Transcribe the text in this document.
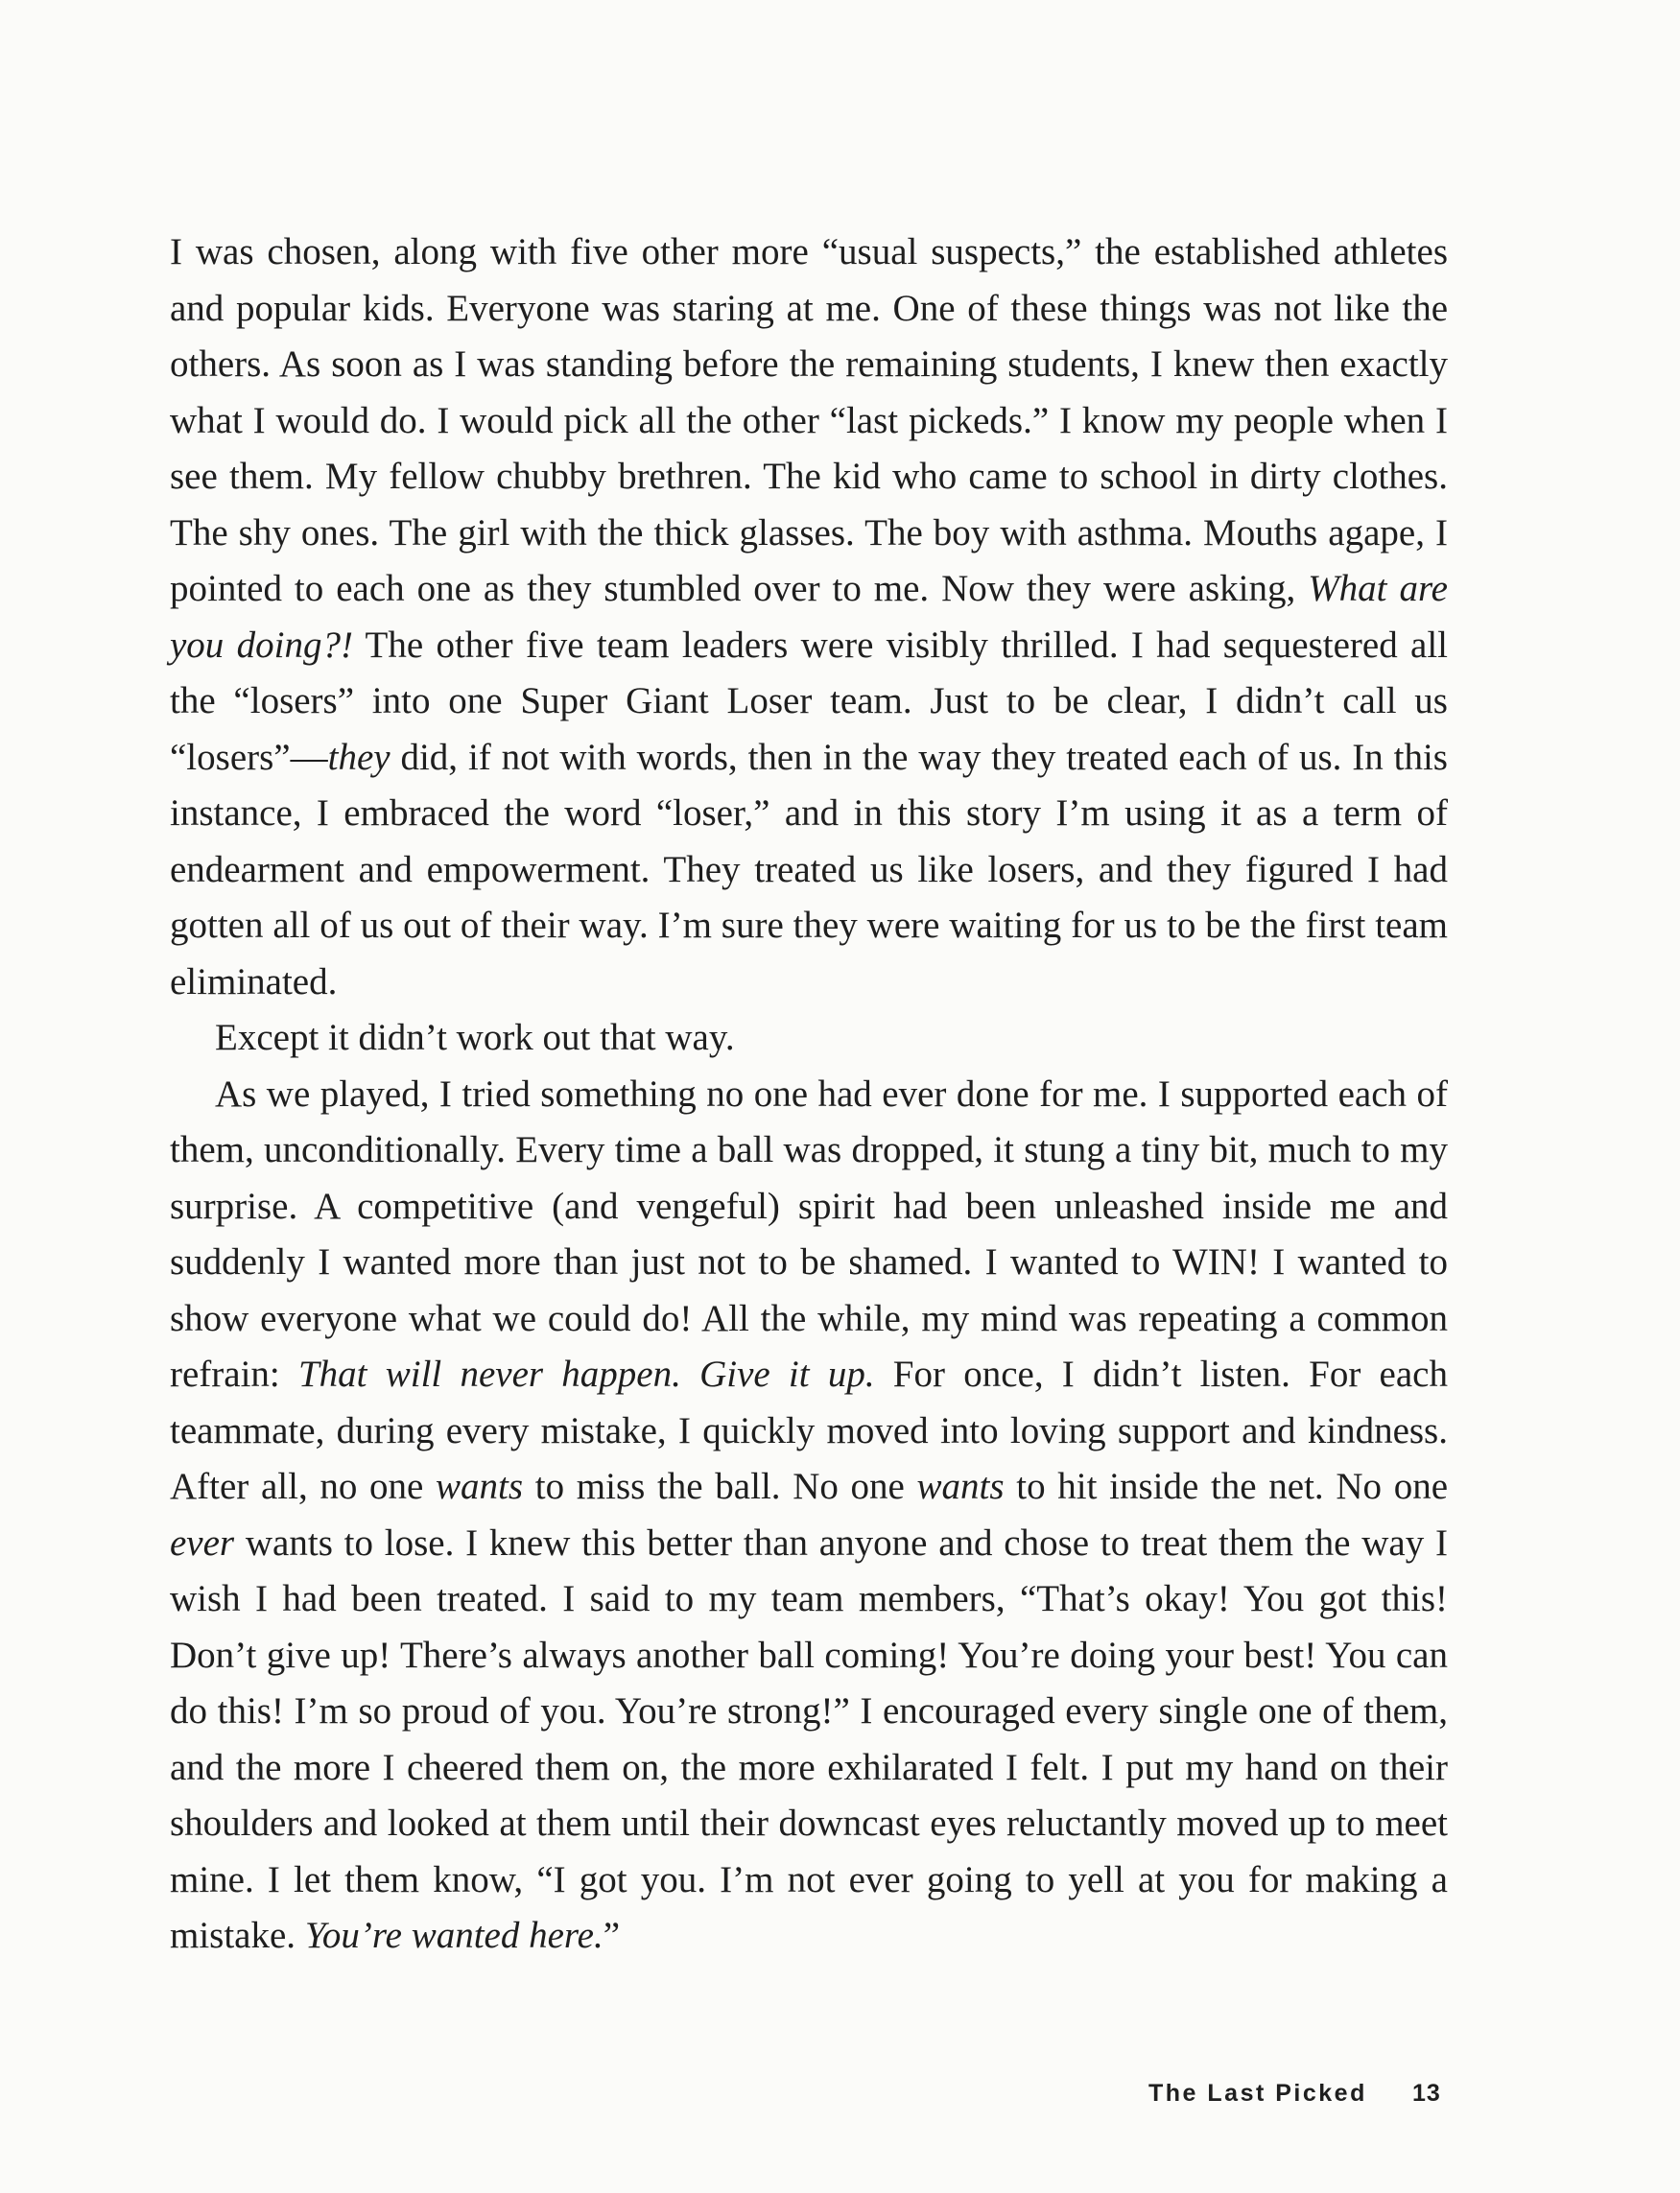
I was chosen, along with five other more “usual suspects,” the established athletes and popular kids. Everyone was staring at me. One of these things was not like the others. As soon as I was standing before the remaining students, I knew then exactly what I would do. I would pick all the other “last pickeds.” I know my people when I see them. My fellow chubby brethren. The kid who came to school in dirty clothes. The shy ones. The girl with the thick glasses. The boy with asthma. Mouths agape, I pointed to each one as they stumbled over to me. Now they were asking, What are you doing?! The other five team leaders were visibly thrilled. I had sequestered all the “losers” into one Super Giant Loser team. Just to be clear, I didn’t call us “losers”—they did, if not with words, then in the way they treated each of us. In this instance, I embraced the word “loser,” and in this story I’m using it as a term of endearment and empowerment. They treated us like losers, and they figured I had gotten all of us out of their way. I’m sure they were waiting for us to be the first team eliminated.

Except it didn’t work out that way.

As we played, I tried something no one had ever done for me. I supported each of them, unconditionally. Every time a ball was dropped, it stung a tiny bit, much to my surprise. A competitive (and vengeful) spirit had been unleashed inside me and suddenly I wanted more than just not to be shamed. I wanted to WIN! I wanted to show everyone what we could do! All the while, my mind was repeating a common refrain: That will never happen. Give it up. For once, I didn’t listen. For each teammate, during every mistake, I quickly moved into loving support and kindness. After all, no one wants to miss the ball. No one wants to hit inside the net. No one ever wants to lose. I knew this better than anyone and chose to treat them the way I wish I had been treated. I said to my team members, “That’s okay! You got this! Don’t give up! There’s always another ball coming! You’re doing your best! You can do this! I’m so proud of you. You’re strong!” I encouraged every single one of them, and the more I cheered them on, the more exhilarated I felt. I put my hand on their shoulders and looked at them until their downcast eyes reluctantly moved up to meet mine. I let them know, “I got you. I’m not ever going to yell at you for making a mistake. You’re wanted here.”

The Last Picked 13
